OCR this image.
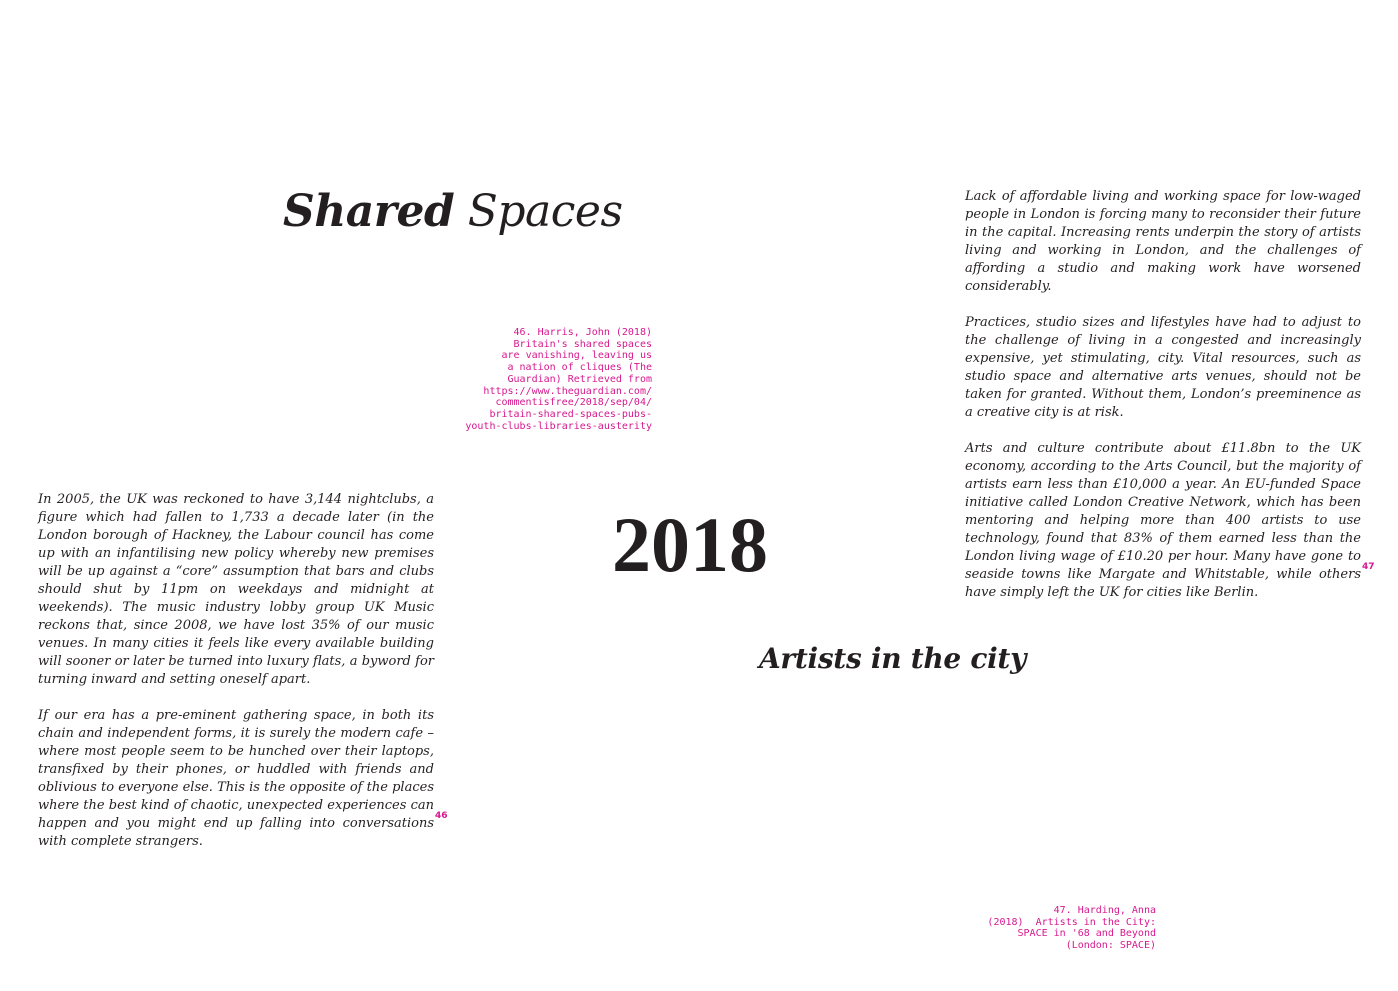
Shared Spaces
46. Harris, John (2018)
Britain's shared spaces
are vanishing, leaving us
a nation of cliques (The
Guardian) Retrieved from
https://www.theguardian.com/
commentisfree/2018/sep/04/
britain-shared-spaces-pubs-
youth-clubs-libraries-austerity

In 2005, the UK was reckoned to have 3,144 nightclubs, a figure which had fallen to 1,733 a decade later (in the London borough of Hackney, the Labour council has come up with an infantilising new policy whereby new premises will be up against a “core” assumption that bars and clubs should shut by 11pm on weekdays and midnight at weekends). The music industry lobby group UK Music reckons that, since 2008, we have lost 35% of our music venues. In many cities it feels like every available building will sooner or later be turned into luxury flats, a byword for turning inward and setting oneself apart.

If our era has a pre-eminent gathering space, in both its chain and independent forms, it is surely the modern cafe – where most people seem to be hunched over their laptops, transfixed by their phones, or huddled with friends and oblivious to everyone else. This is the opposite of the places where the best kind of chaotic, unexpected experiences can happen and you might end up falling into conversations with complete strangers.

46
2018
Artists in the city

Lack of affordable living and working space for low-waged people in London is forcing many to reconsider their future in the capital. Increasing rents underpin the story of artists living and working in London, and the challenges of affording a studio and making work have worsened considerably.

Practices, studio sizes and lifestyles have had to adjust to the challenge of living in a congested and increasingly expensive, yet stimulating, city. Vital resources, such as studio space and alternative arts venues, should not be taken for granted. Without them, London’s preeminence as a creative city is at risk.

Arts and culture contribute about £11.8bn to the UK economy, according to the Arts Council, but the majority of artists earn less than £10,000 a year. An EU-funded Space initiative called London Creative Network, which has been mentoring and helping more than 400 artists to use technology, found that 83% of them earned less than the London living wage of £10.20 per hour. Many have gone to seaside towns like Margate and Whitstable, while others have simply left the UK for cities like Berlin.

47
47. Harding, Anna
(2018)  Artists in the City:
SPACE in '68 and Beyond
(London: SPACE)
